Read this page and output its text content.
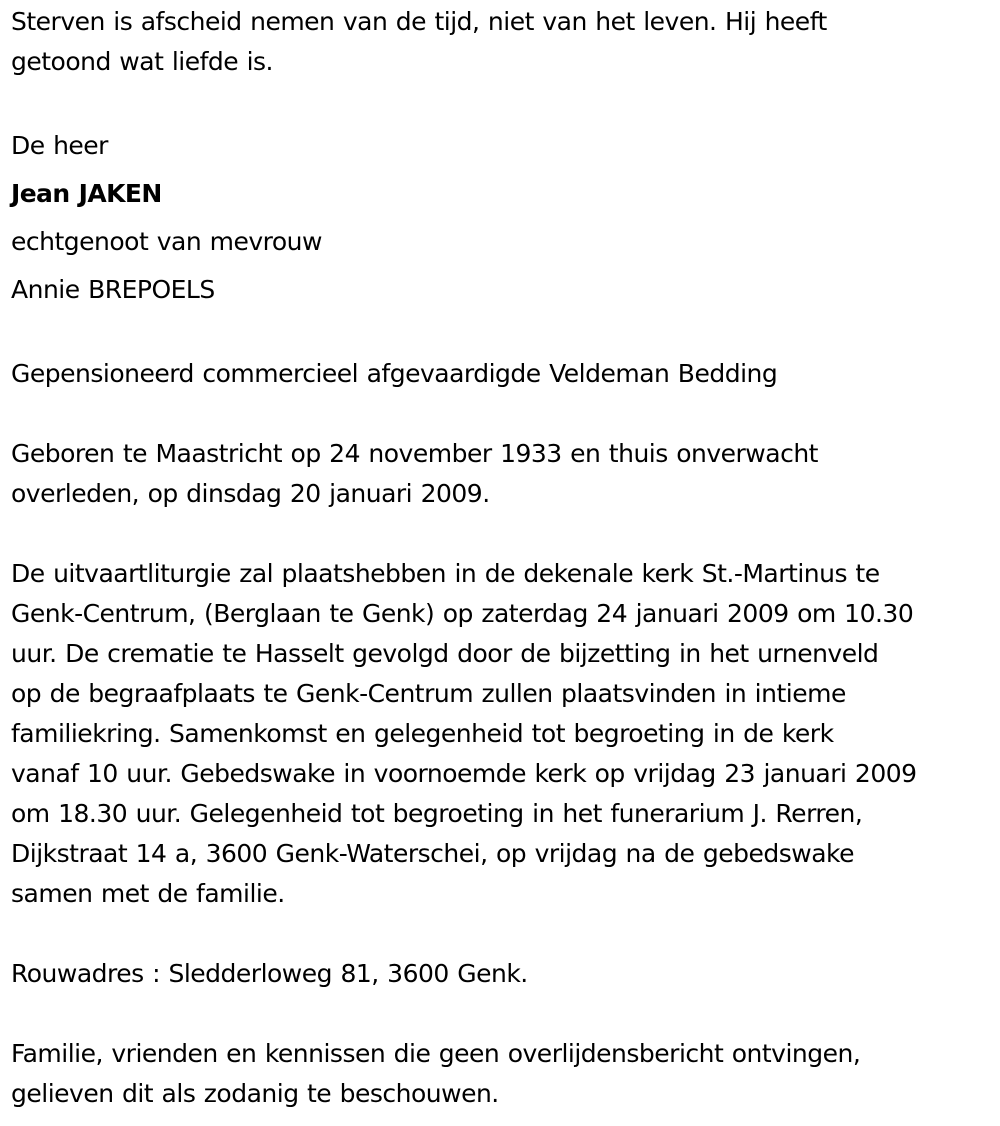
Sterven is afscheid nemen van de tijd, niet van het leven. Hij heeft

getoond wat liefde is.

De heer

Jean JAKEN

echtgenoot van mevrouw

Annie BREPOELS

Gepensioneerd commercieel afgevaardigde Veldeman Bedding

Geboren te Maastricht op 24 november 1933 en thuis onverwacht

overleden, op dinsdag 20 januari 2009.

De uitvaartliturgie zal plaatshebben in de dekenale kerk St.-Martinus te

Genk-Centrum, (Berglaan te Genk) op zaterdag 24 januari 2009 om 10.30

uur. De crematie te Hasselt gevolgd door de bijzetting in het urnenveld

op de begraafplaats te Genk-Centrum zullen plaatsvinden in intieme

familiekring. Samenkomst en gelegenheid tot begroeting in de kerk

vanaf 10 uur. Gebedswake in voornoemde kerk op vrijdag 23 januari 2009

om 18.30 uur. Gelegenheid tot begroeting in het funerarium J. Rerren,

Dijkstraat 14 a, 3600 Genk-Waterschei, op vrijdag na de gebedswake

samen met de familie.

Rouwadres : Sledderloweg 81, 3600 Genk.

Familie, vrienden en kennissen die geen overlijdensbericht ontvingen,

gelieven dit als zodanig te beschouwen.
